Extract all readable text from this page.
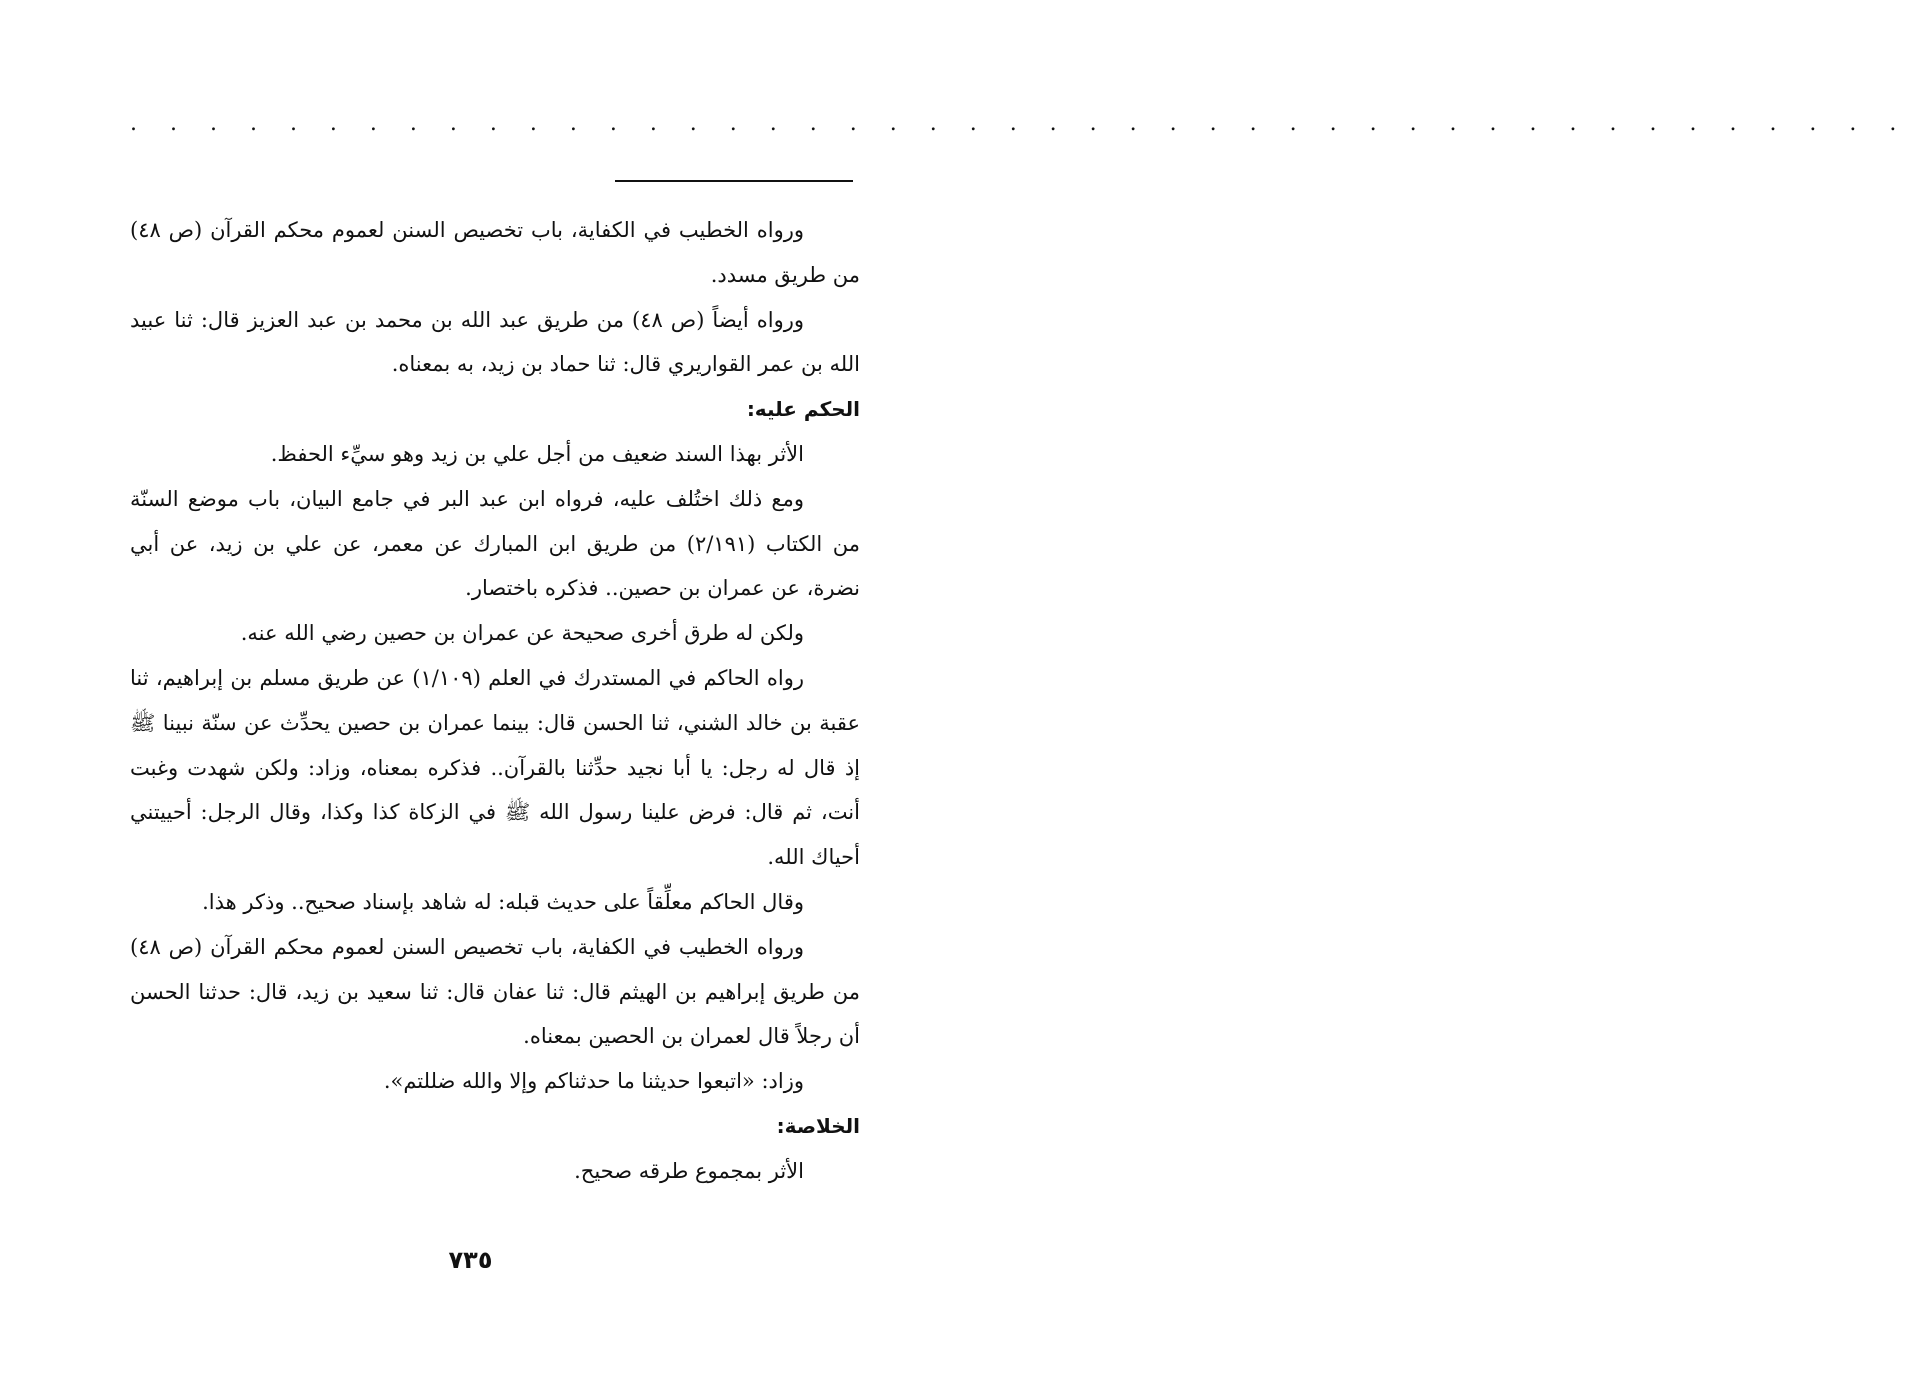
. . . . . . . . . . . . . . . . . . . . . . . . . . . . . . . . . . . . . . . . . . . . .

ورواه الخطيب في الكفاية، باب تخصيص السنن لعموم محكم القرآن (ص ٤٨) من طريق مسدد.

ورواه أيضاً (ص ٤٨) من طريق عبد الله بن محمد بن عبد العزيز قال: ثنا عبيد الله بن عمر القواريري قال: ثنا حماد بن زيد، به بمعناه.

الحكم عليه:

الأثر بهذا السند ضعيف من أجل علي بن زيد وهو سيِّء الحفظ.

ومع ذلك اختُلف عليه، فرواه ابن عبد البر في جامع البيان، باب موضع السنّة من الكتاب (٢/١٩١) من طريق ابن المبارك عن معمر، عن علي بن زيد، عن أبي نضرة، عن عمران بن حصين.. فذكره باختصار.

ولكن له طرق أخرى صحيحة عن عمران بن حصين رضي الله عنه.

رواه الحاكم في المستدرك في العلم (١/١٠٩) عن طريق مسلم بن إبراهيم، ثنا عقبة بن خالد الشني، ثنا الحسن قال: بينما عمران بن حصين يحدِّث عن سنّة نبينا ﷺ إذ قال له رجل: يا أبا نجيد حدِّثنا بالقرآن.. فذكره بمعناه، وزاد: ولكن شهدت وغبت أنت، ثم قال: فرض علينا رسول الله ﷺ في الزكاة كذا وكذا، وقال الرجل: أحييتني أحياك الله.

وقال الحاكم معلِّقاً على حديث قبله: له شاهد بإسناد صحيح.. وذكر هذا.

ورواه الخطيب في الكفاية، باب تخصيص السنن لعموم محكم القرآن (ص ٤٨) من طريق إبراهيم بن الهيثم قال: ثنا عفان قال: ثنا سعيد بن زيد، قال: حدثنا الحسن أن رجلاً قال لعمران بن الحصين بمعناه.

وزاد: «اتبعوا حديثنا ما حدثناكم وإلا والله ضللتم».

الخلاصة:

الأثر بمجموع طرقه صحيح.

٧٣٥
